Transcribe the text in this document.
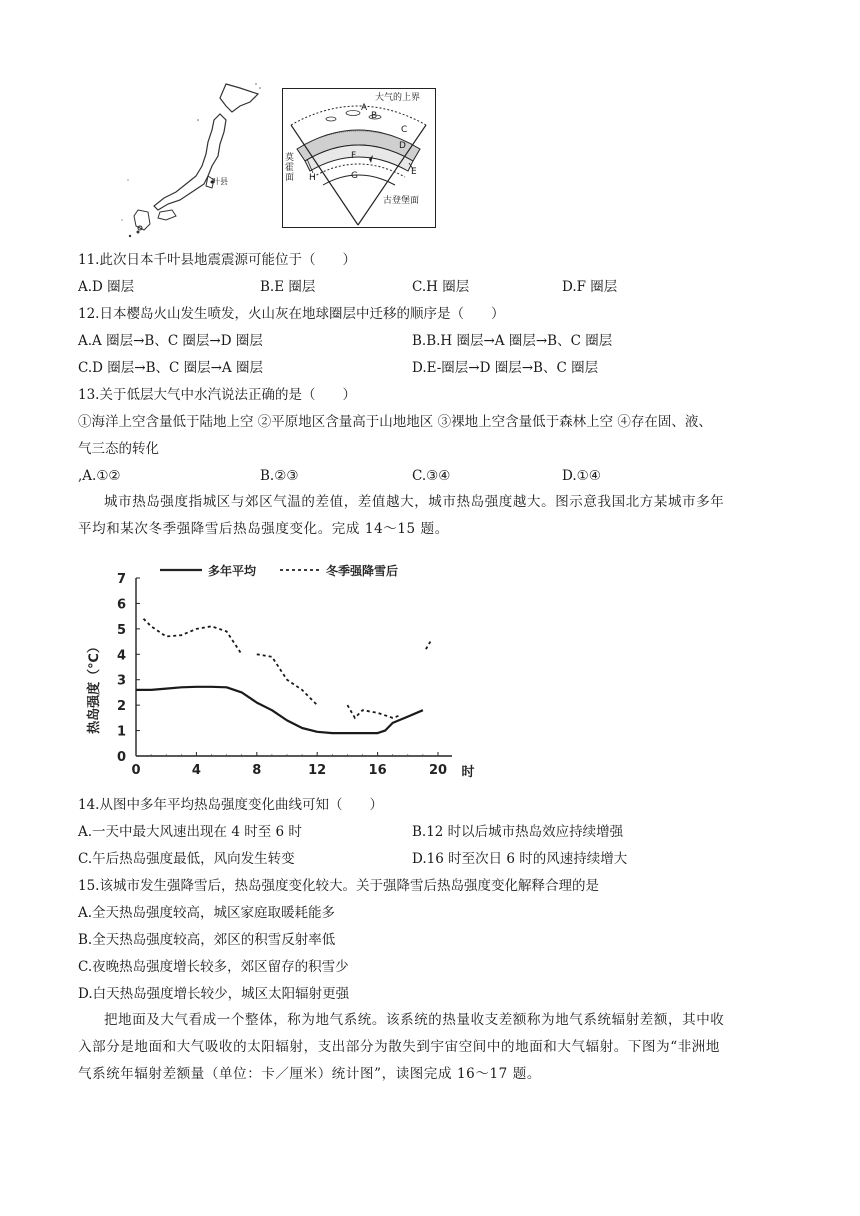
叶县
大气的上界
A
B
C
D
F
G
H
E
莫霍面
古登堡面
11.此次日本千叶县地震震源可能位于（　　）
A.D 圈层	B.E 圈层	C.H 圈层	D.F 圈层
12.日本樱岛火山发生喷发，火山灰在地球圈层中迁移的顺序是（　　）
A.A 圈层→B、C 圈层→D 圈层	B.B.H 圈层→A 圈层→B、C 圈层
C.D 圈层→B、C 圈层→A 圈层	D.E-圈层→D 圈层→B、C 圈层
13.关于低层大气中水汽说法正确的是（　　）
①海洋上空含量低于陆地上空 ②平原地区含量高于山地地区 ③裸地上空含量低于森林上空 ④存在固、液、
气三态的转化
,A.①②	B.②③	C.③④	D.①④
城市热岛强度指城区与郊区气温的差值，差值越大，城市热岛强度越大。图示意我国北方某城市多年
平均和某次冬季强降雪后热岛强度变化。完成 14～15 题。
0
1
2
3
4
5
6
7
0	4	8	12	16	20 时
热岛强度（℃）
多年平均	冬季强降雪后
14.从图中多年平均热岛强度变化曲线可知（　　）
A.一天中最大风速出现在 4 时至 6 时	B.12 时以后城市热岛效应持续增强
C.午后热岛强度最低，风向发生转变	D.16 时至次日 6 时的风速持续增大
15.该城市发生强降雪后，热岛强度变化较大。关于强降雪后热岛强度变化解释合理的是
A.全天热岛强度较高，城区家庭取暖耗能多
B.全天热岛强度较高，郊区的积雪反射率低
C.夜晚热岛强度增长较多，郊区留存的积雪少
D.白天热岛强度增长较少，城区太阳辐射更强
把地面及大气看成一个整体，称为地气系统。该系统的热量收支差额称为地气系统辐射差额，其中收
入部分是地面和大气吸收的太阳辐射，支出部分为散失到宇宙空间中的地面和大气辐射。下图为“非洲地
气系统年辐射差额量（单位：卡／厘米）统计图”，读图完成 16～17 题。
